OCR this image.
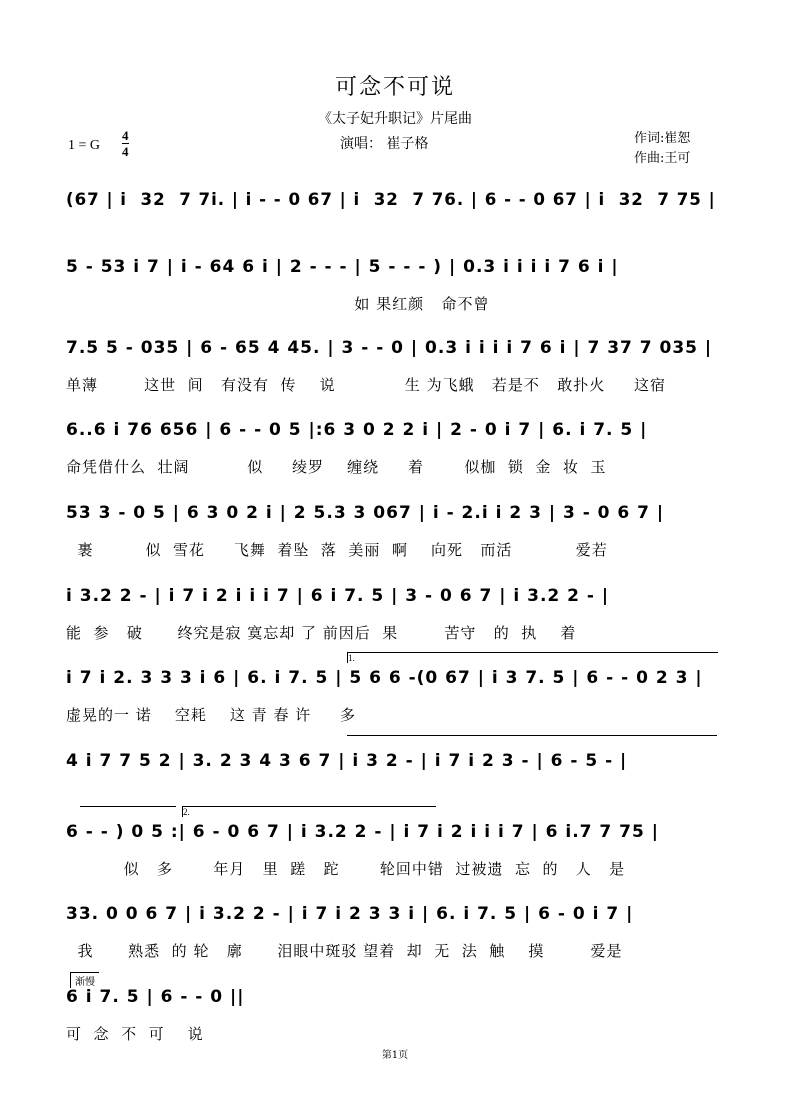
可念不可说
《太子妃升职记》片尾曲
演唱： 崔子格
1 = G
4
4
作词:崔恕
作曲:王可
(67 | i  32  7 7i. | i - - 0 67 | i  32  7 76. | 6 - - 0 67 | i  32  7 75 |
5 - 53 i 7 | i - 64 6 i | 2 - - - | 5 - - - ) | 0.3 i i i i 7 6 i |
如 果红颜   命不曾
7.5 5 - 035 | 6 - 65 4 45. | 3 - - 0 | 0.3 i i i i 7 6 i | 7 37 7 035 |
单薄        这世  间   有没有  传    说            生 为飞蛾   若是不   敢扑火     这宿
6..6 i 76 656 | 6 - - 0 5 |:6 3 0 2 2 i | 2 - 0 i 7 | 6. i 7. 5 |
命凭借什么  壮阔          似     绫罗    缠绕     着       似枷  锁  金  妆  玉
53 3 - 0 5 | 6 3 0 2 i | 2 5.3 3 067 | i - 2.i i 2 3 | 3 - 0 6 7 |
裹         似  雪花     飞舞  着坠  落  美丽  啊    向死   而活           爱若
i 3.2 2 - | i 7 i 2 i i i 7 | 6 i 7. 5 | 3 - 0 6 7 | i 3.2 2 - |
能  参   破      终究是寂 寞忘却 了 前因后  果        苦守   的  执    着
1.
i 7 i 2. 3 3 3 i 6 | 6. i 7. 5 | 5 6 6 -(0 67 | i 3 7. 5 | 6 - - 0 2 3 |
虚晃的一 诺    空耗    这 青 春 许     多
4 i 7 7 5 2 | 3. 2 3 4 3 6 7 | i 3 2 - | i 7 i 2 3 - | 6 - 5 - |
2.
6 - - ) 0 5 :| 6 - 0 6 7 | i 3.2 2 - | i 7 i 2 i i i 7 | 6 i.7 7 75 |
似   多       年月   里  蹉   跎       轮回中错  过被遗  忘  的   人   是
33. 0 0 6 7 | i 3.2 2 - | i 7 i 2 3 3 i | 6. i 7. 5 | 6 - 0 i 7 |
我      熟悉  的 轮   廓      泪眼中斑驳 望着  却  无  法  触    摸        爱是
渐慢
6 i 7. 5 | 6 - - 0 ||
可  念  不  可    说
第1页
